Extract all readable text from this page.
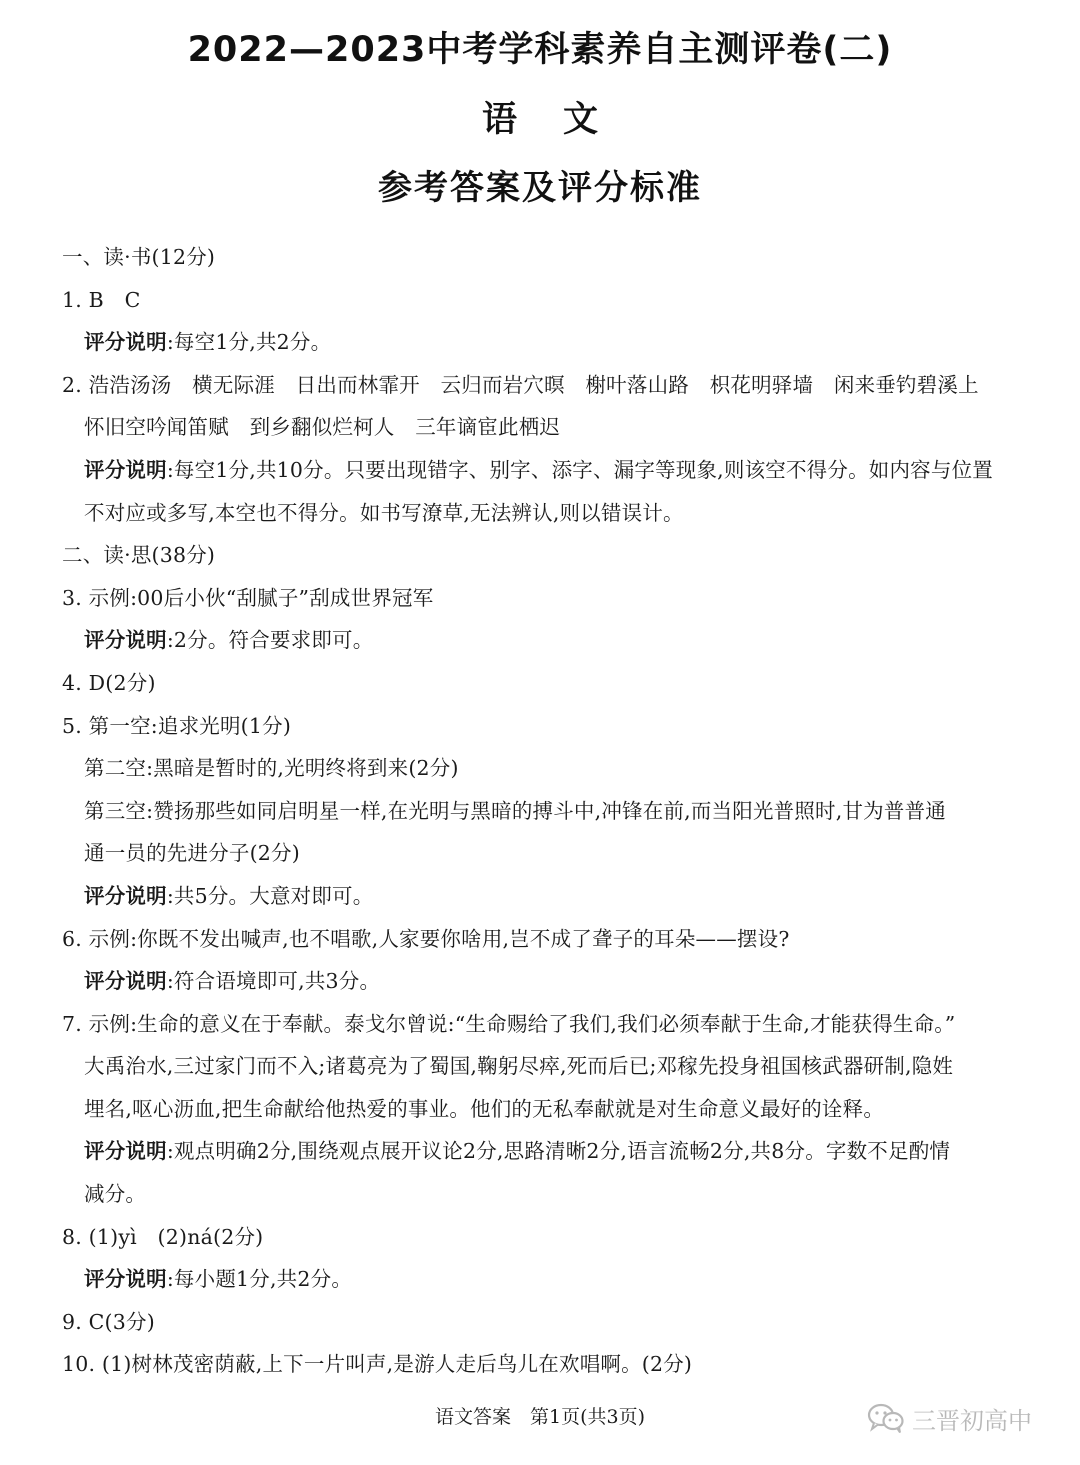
2022—2023中考学科素养自主测评卷(二)
语文
参考答案及评分标准
一、读·书(12分)
1. B　C
评分说明:每空1分,共2分。
2. 浩浩汤汤　横无际涯　日出而林霏开　云归而岩穴暝　榭叶落山路　枳花明驿墙　闲来垂钓碧溪上
怀旧空吟闻笛赋　到乡翻似烂柯人　三年谪宦此栖迟
评分说明:每空1分,共10分。只要出现错字、别字、添字、漏字等现象,则该空不得分。如内容与位置
不对应或多写,本空也不得分。如书写潦草,无法辨认,则以错误计。
二、读·思(38分)
3. 示例:00后小伙“刮腻子”刮成世界冠军
评分说明:2分。符合要求即可。
4. D(2分)
5. 第一空:追求光明(1分)
第二空:黑暗是暂时的,光明终将到来(2分)
第三空:赞扬那些如同启明星一样,在光明与黑暗的搏斗中,冲锋在前,而当阳光普照时,甘为普普通
通一员的先进分子(2分)
评分说明:共5分。大意对即可。
6. 示例:你既不发出喊声,也不唱歌,人家要你啥用,岂不成了聋子的耳朵——摆设?
评分说明:符合语境即可,共3分。
7. 示例:生命的意义在于奉献。泰戈尔曾说:“生命赐给了我们,我们必须奉献于生命,才能获得生命。”
大禹治水,三过家门而不入;诸葛亮为了蜀国,鞠躬尽瘁,死而后已;邓稼先投身祖国核武器研制,隐姓
埋名,呕心沥血,把生命献给他热爱的事业。他们的无私奉献就是对生命意义最好的诠释。
评分说明:观点明确2分,围绕观点展开议论2分,思路清晰2分,语言流畅2分,共8分。字数不足酌情
减分。
8. (1)yì　(2)ná(2分)
评分说明:每小题1分,共2分。
9. C(3分)
10. (1)树林茂密荫蔽,上下一片叫声,是游人走后鸟儿在欢唱啊。(2分)
语文答案　第1页(共3页)	三晋初高中
